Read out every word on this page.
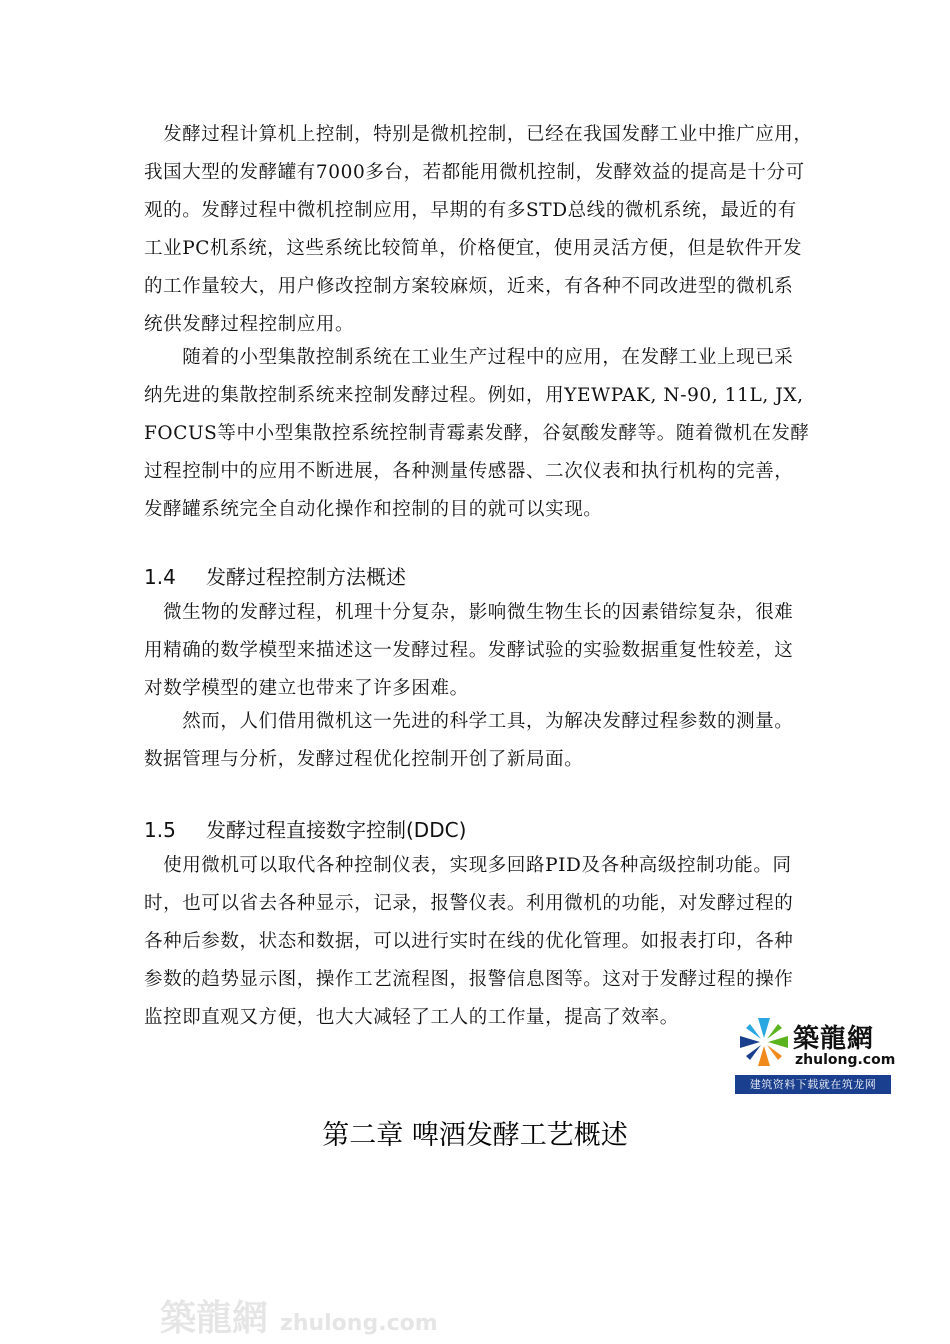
　发酵过程计算机上控制，特别是微机控制，已经在我国发酵工业中推广应用，
我国大型的发酵罐有7000多台，若都能用微机控制，发酵效益的提高是十分可
观的。发酵过程中微机控制应用，早期的有多STD总线的微机系统，最近的有
工业PC机系统，这些系统比较简单，价格便宜，使用灵活方便，但是软件开发
的工作量较大，用户修改控制方案较麻烦，近来，有各种不同改进型的微机系
统供发酵过程控制应用。
　　随着的小型集散控制系统在工业生产过程中的应用，在发酵工业上现已采
纳先进的集散控制系统来控制发酵过程。例如，用YEWPAK, N-90, 11L, JX,
FOCUS等中小型集散控系统控制青霉素发酵，谷氨酸发酵等。随着微机在发酵
过程控制中的应用不断进展，各种测量传感器、二次仪表和执行机构的完善，
发酵罐系统完全自动化操作和控制的目的就可以实现。
1.4 发酵过程控制方法概述
　微生物的发酵过程，机理十分复杂，影响微生物生长的因素错综复杂，很难
用精确的数学模型来描述这一发酵过程。发酵试验的实验数据重复性较差，这
对数学模型的建立也带来了许多困难。
　　然而，人们借用微机这一先进的科学工具，为解决发酵过程参数的测量。
数据管理与分析，发酵过程优化控制开创了新局面。
1.5 发酵过程直接数字控制(DDC)
　使用微机可以取代各种控制仪表，实现多回路PID及各种高级控制功能。同
时，也可以省去各种显示，记录，报警仪表。利用微机的功能，对发酵过程的
各种后参数，状态和数据，可以进行实时在线的优化管理。如报表打印，各种
参数的趋势显示图，操作工艺流程图，报警信息图等。这对于发酵过程的操作
监控即直观又方便，也大大减轻了工人的工作量，提高了效率。
築龍網
zhulong.com
建筑资料下载就在筑龙网
第二章 啤酒发酵工艺概述
築龍網 zhulong.com
